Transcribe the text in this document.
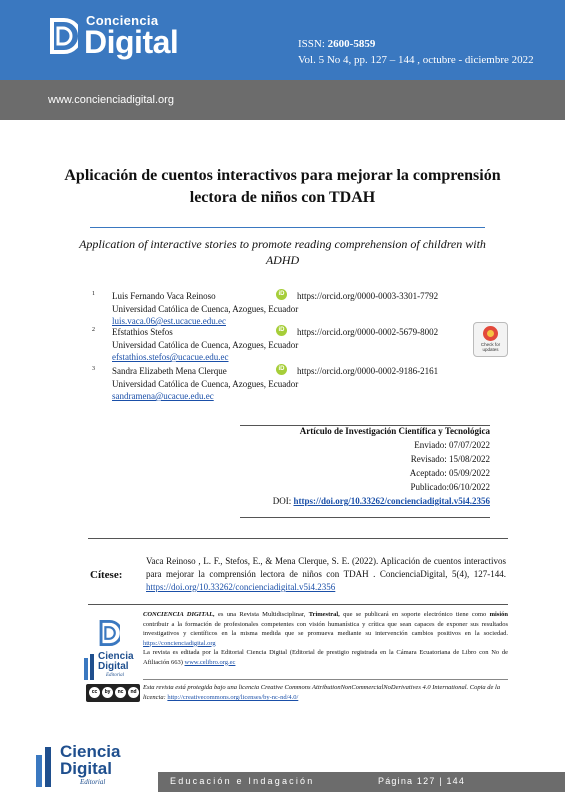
Conciencia
Digital	ISSN: 2600-5859
Vol. 5 No 4, pp. 127 – 144 , octubre - diciembre 2022
www.concienciadigital.org
Aplicación de cuentos interactivos para mejorar la comprensión lectora de niños con TDAH
Application of interactive stories to promote reading comprehension of children with ADHD
1 Luis Fernando Vaca Reinoso	iD https://orcid.org/0000-0003-3301-7792
Universidad Católica de Cuenca, Azogues, Ecuador
luis.vaca.06@est.ucacue.edu.ec
2 Efstathios Stefos	iD https://orcid.org/0000-0002-5679-8002
Universidad Católica de Cuenca, Azogues, Ecuador
efstathios.stefos@ucacue.edu.ec
3 Sandra Elizabeth Mena Clerque	iD https://orcid.org/0000-0002-9186-2161
Universidad Católica de Cuenca, Azogues, Ecuador
sandramena@ucacue.edu.ec
Check for
updates
Artículo de Investigación Científica y Tecnológica
Enviado: 07/07/2022
Revisado: 15/08/2022
Aceptado: 05/09/2022
Publicado:06/10/2022
DOI: https://doi.org/10.33262/concienciadigital.v5i4.2356
Cítese:
Vaca Reinoso , L. F., Stefos, E., & Mena Clerque, S. E. (2022). Aplicación de cuentos interactivos para mejorar la comprensión lectora de niños con TDAH . ConcienciaDigital, 5(4), 127-144. https://doi.org/10.33262/concienciadigital.v5i4.2356
Ciencia
Digital
Editorial
CONCIENCIA DIGITAL, es una Revista Multidisciplinar, Trimestral, que se publicará en soporte electrónico tiene como misión contribuir a la formación de profesionales competentes con visión humanística y crítica que sean capaces de exponer sus resultados investigativos y científicos en la misma medida que se promueva mediante su intervención cambios positivos en la sociedad. https://concienciadigital.org
La revista es editada por la Editorial Ciencia Digital (Editorial de prestigio registrada en la Cámara Ecuatoriana de Libro con No de Afiliación 663) www.celibro.org.ec
cc	by	nc	nd
Esta revista está protegida bajo una licencia Creative Commons AttributionNonCommercialNoDerivatives 4.0 International. Copia de la licencia: http://creativecommons.org/licenses/by-nc-nd/4.0/
Ciencia
Digital
Editorial	Educación e Indagación	Página 127 | 144
